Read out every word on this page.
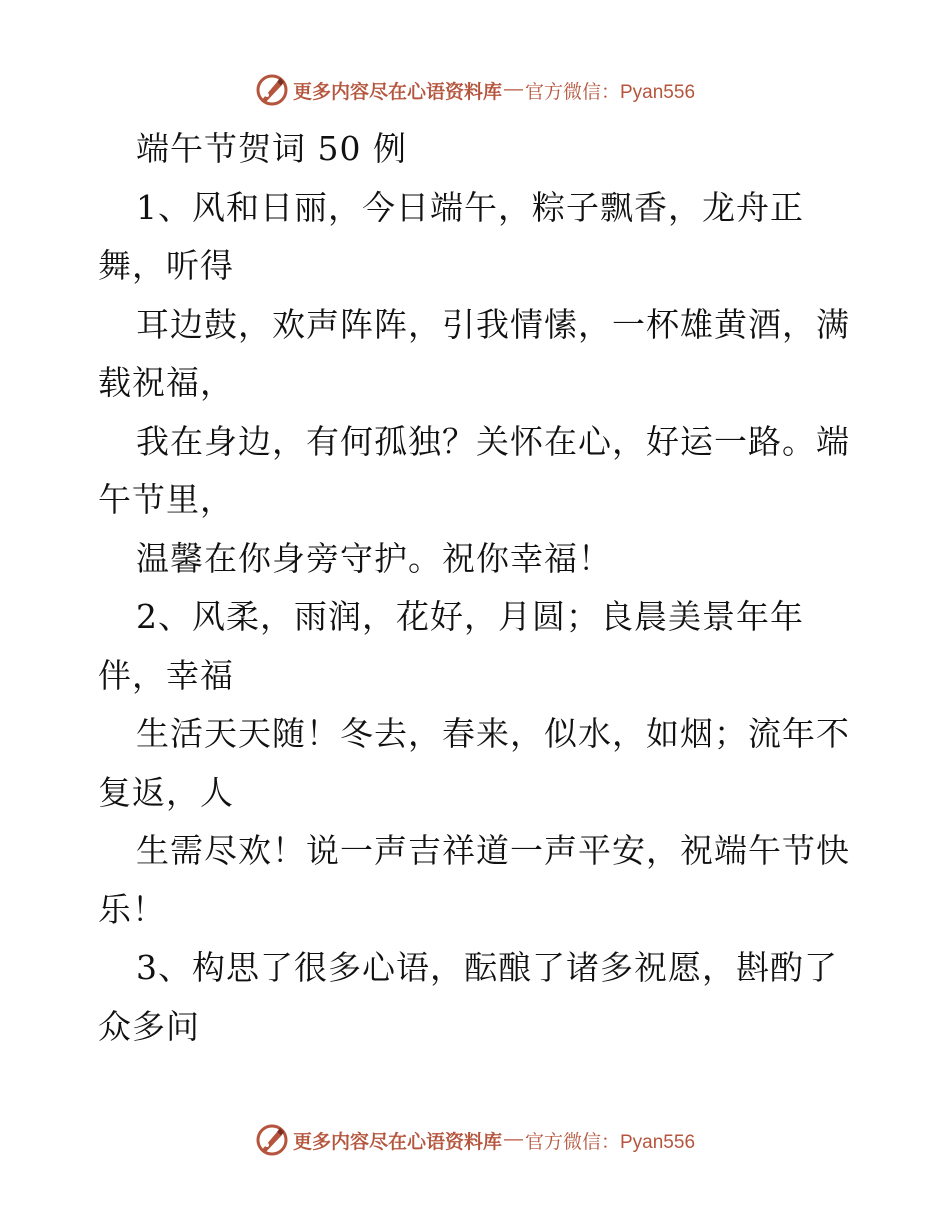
更多内容尽在心语资料库 — 官方微信：Pyan556
端午节贺词 50 例
1、风和日丽，今日端午，粽子飘香，龙舟正
舞，听得
耳边鼓，欢声阵阵，引我情愫，一杯雄黄酒，满
载祝福，
我在身边，有何孤独？关怀在心，好运一路。端
午节里，
温馨在你身旁守护。祝你幸福！
2、风柔，雨润，花好，月圆；良晨美景年年
伴，幸福
生活天天随！冬去，春来，似水，如烟；流年不
复返，人
生需尽欢！说一声吉祥道一声平安，祝端午节快
乐！
3、构思了很多心语，酝酿了诸多祝愿，斟酌了
众多问
更多内容尽在心语资料库 — 官方微信：Pyan556
